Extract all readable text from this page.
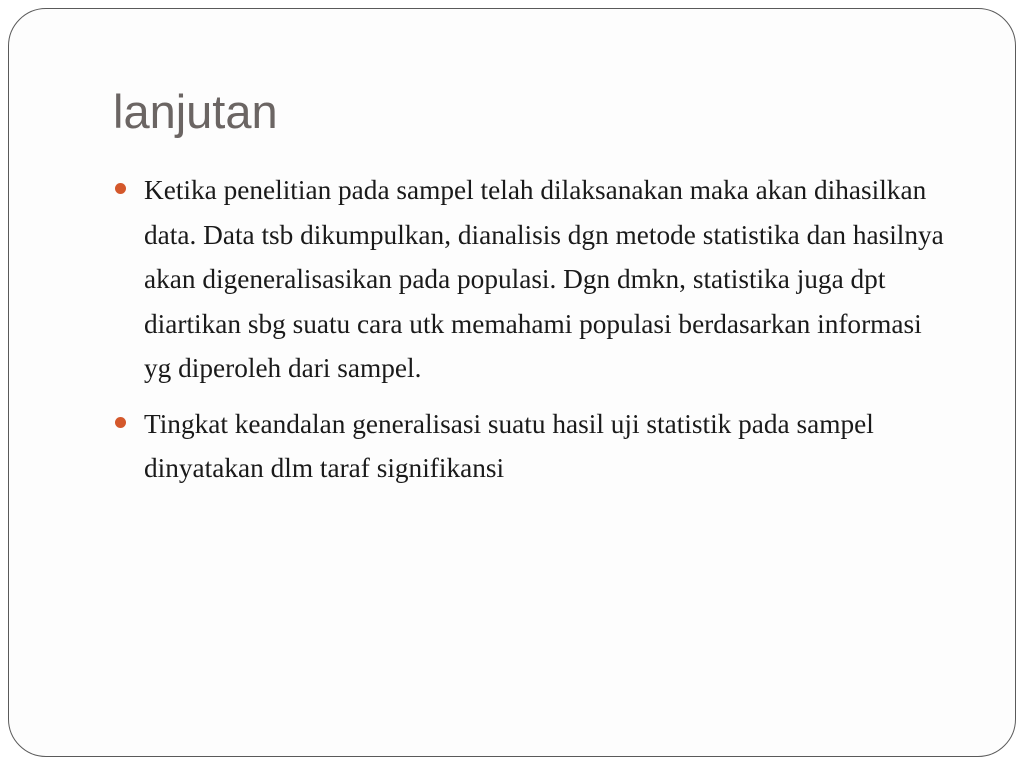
lanjutan
Ketika penelitian pada sampel telah dilaksanakan maka akan dihasilkan data. Data tsb dikumpulkan, dianalisis dgn metode statistika dan hasilnya akan digeneralisasikan pada populasi. Dgn dmkn, statistika juga dpt diartikan sbg suatu cara utk memahami populasi berdasarkan informasi yg diperoleh dari sampel.
Tingkat keandalan generalisasi suatu hasil uji statistik pada sampel dinyatakan dlm taraf signifikansi
